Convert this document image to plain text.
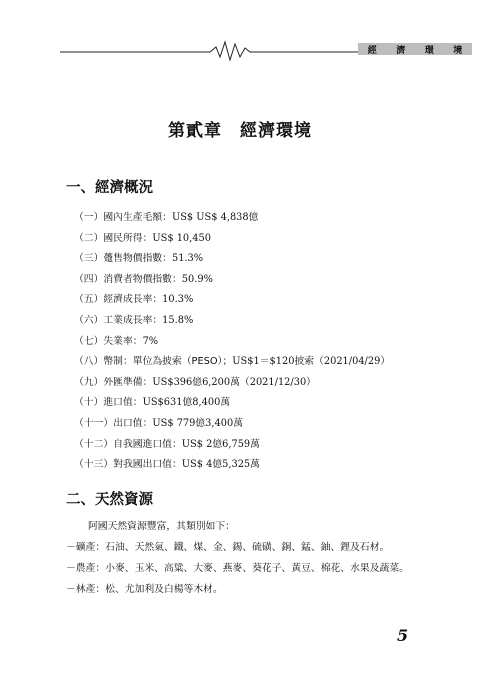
經 濟 環 境
第貳章　經濟環境
一、經濟概況
（一）國內生產毛額：US$ US$ 4,838億
（二）國民所得：US$ 10,450
（三）躉售物價指數：51.3%
（四）消費者物價指數：50.9%
（五）經濟成長率：10.3%
（六）工業成長率：15.8%
（七）失業率：7%
（八）幣制：單位為披索（PESO）；US$1＝$120披索（2021/04/29）
（九）外匯準備：US$396億6,200萬（2021/12/30）
（十）進口值：US$631億8,400萬
（十一）出口值：US$ 779億3,400萬
（十二）自我國進口值：US$ 2億6,759萬
（十三）對我國出口值：US$ 4億5,325萬
二、天然資源
阿國天然資源豐富，其類別如下：
－礦產：石油、天然氣、鐵、煤、金、錫、硫磺、銅、錳、鈾、鋰及石材。
－農產：小麥、玉米、高粱、大麥、燕麥、葵花子、黃豆、棉花、水果及蔬菜。
－林產：松、尤加利及白楊等木材。
5
